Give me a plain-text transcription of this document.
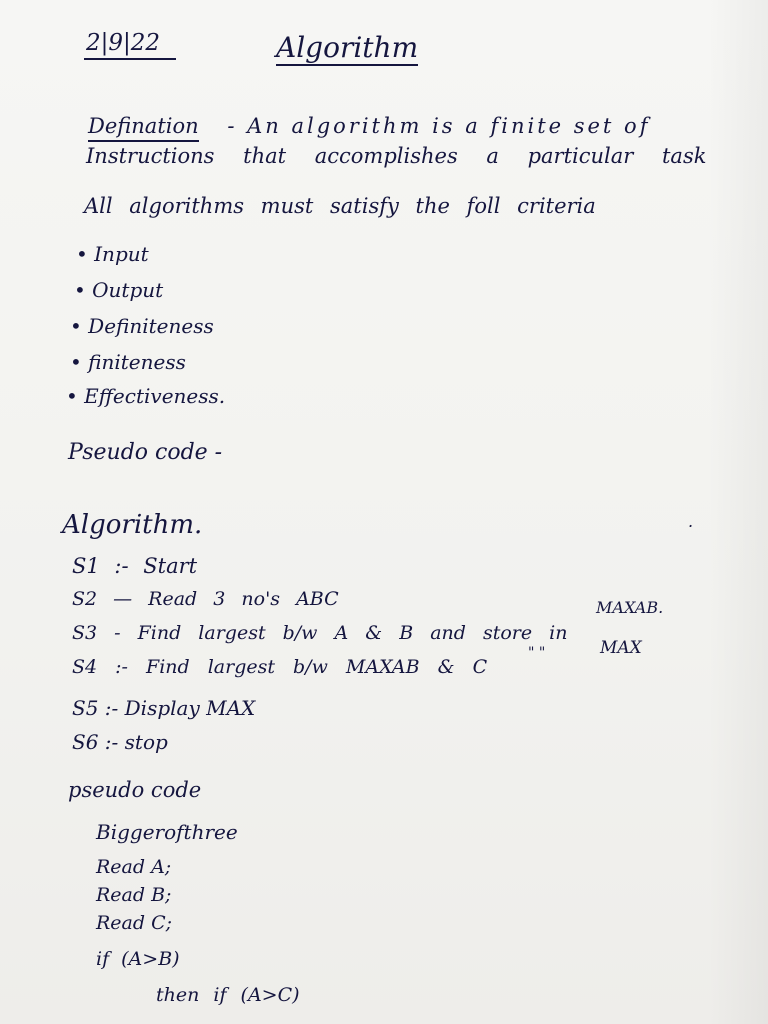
2|9|22	Algorithm
Defination - An algorithm is a finite set of
Instructions that accomplishes a particular task
All algorithms must satisfy the foll criteria
• Input
• Output
• Definiteness
• finiteness
• Effectiveness.
Pseudo code -
Algorithm.	.
S1 :- Start
S2 — Read 3 no's ABC
S3 - Find largest b/w A & B and store in
MAXAB.
S4 :- Find largest b/w MAXAB & C
" "	MAX
S5 :- Display MAX
S6 :- stop
pseudo code
Biggerofthree
Read A;
Read B;
Read C;
if (A>B)
then if (A>C)
